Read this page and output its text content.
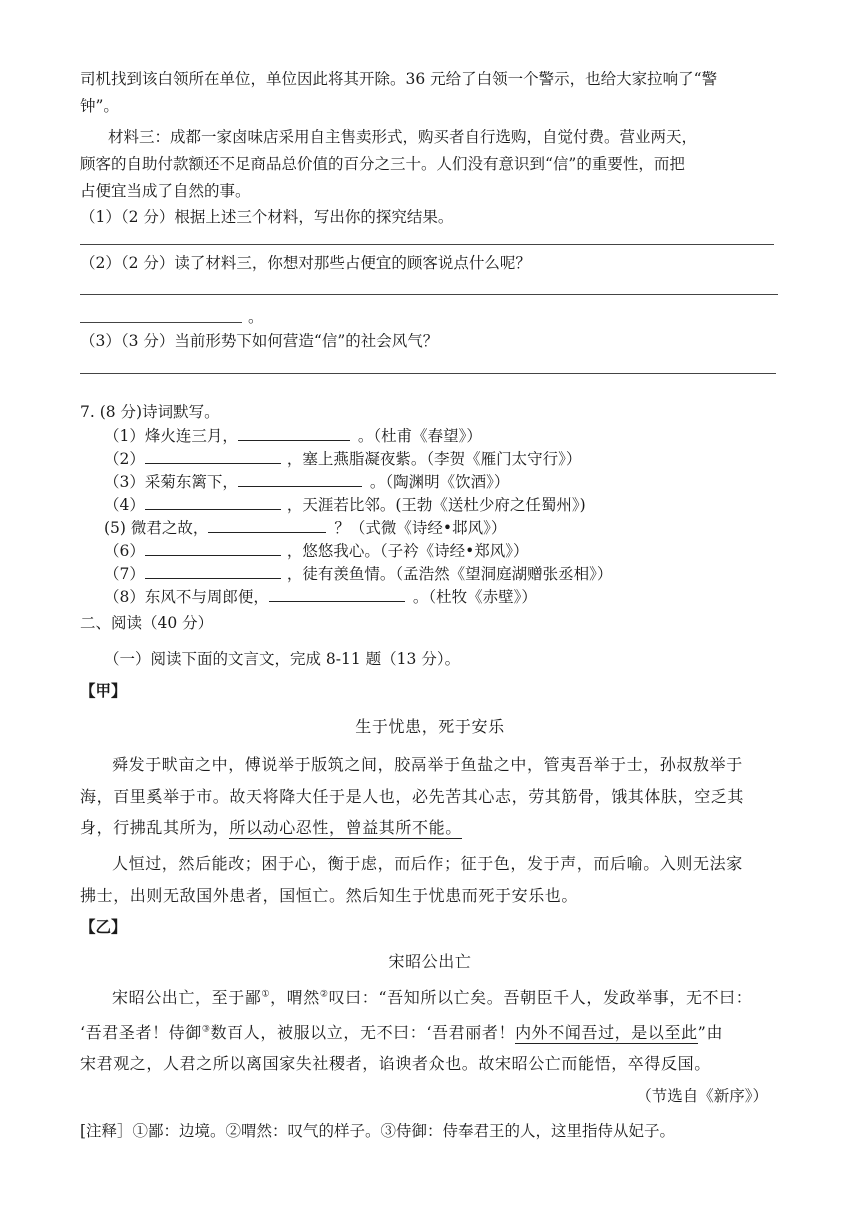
司机找到该白领所在单位，单位因此将其开除。36 元给了白领一个警示，也给大家拉响了“警
钟”。
材料三：成都一家卤味店采用自主售卖形式，购买者自行选购，自觉付费。营业两天，
顾客的自助付款额还不足商品总价值的百分之三十。人们没有意识到“信”的重要性，而把
占便宜当成了自然的事。
（1）（2 分）根据上述三个材料，写出你的探究结果。
（2）（2 分）读了材料三，你想对那些占便宜的顾客说点什么呢？
。
（3）（3 分）当前形势下如何营造“信”的社会风气？
7. (8 分)诗词默写。
（1）烽火连三月，	。（杜甫《春望》）
（2）	，塞上燕脂凝夜紫。（李贺《雁门太守行》）
（3）采菊东篱下，	。（陶渊明《饮酒》）
（4）	，天涯若比邻。(王勃《送杜少府之任蜀州》)
(5) 微君之故，	？（式微《诗经•邶风》）
（6）	，悠悠我心。（子衿《诗经•郑风》）
（7）	，徒有羡鱼情。（孟浩然《望洞庭湖赠张丞相》）
（8）东风不与周郎便，	。（杜牧《赤壁》）
二、阅读（40 分）
（一）阅读下面的文言文，完成 8-11 题（13 分）。
【甲】
生于忧患，死于安乐
舜发于畎亩之中，傅说举于版筑之间，胶鬲举于鱼盐之中，管夷吾举于士，孙叔敖举于
海，百里奚举于市。故天将降大任于是人也，必先苦其心志，劳其筋骨，饿其体肤，空乏其
身，行拂乱其所为，所以动心忍性，曾益其所不能。
人恒过，然后能改；困于心，衡于虑，而后作；征于色，发于声，而后喻。入则无法家
拂士，出则无敌国外患者，国恒亡。然后知生于忧患而死于安乐也。
【乙】
宋昭公出亡
宋昭公出亡，至于鄙①，喟然②叹曰：“吾知所以亡矣。吾朝臣千人，发政举事，无不曰：
‘吾君圣者！侍御③数百人，被服以立，无不曰：‘吾君丽者！内外不闻吾过，是以至此”由
宋君观之，人君之所以离国家失社稷者，谄谀者众也。故宋昭公亡而能悟，卒得反国。
（节选自《新序》）
[注释］①鄙：边境。②喟然：叹气的样子。③侍御：侍奉君王的人，这里指侍从妃子。
